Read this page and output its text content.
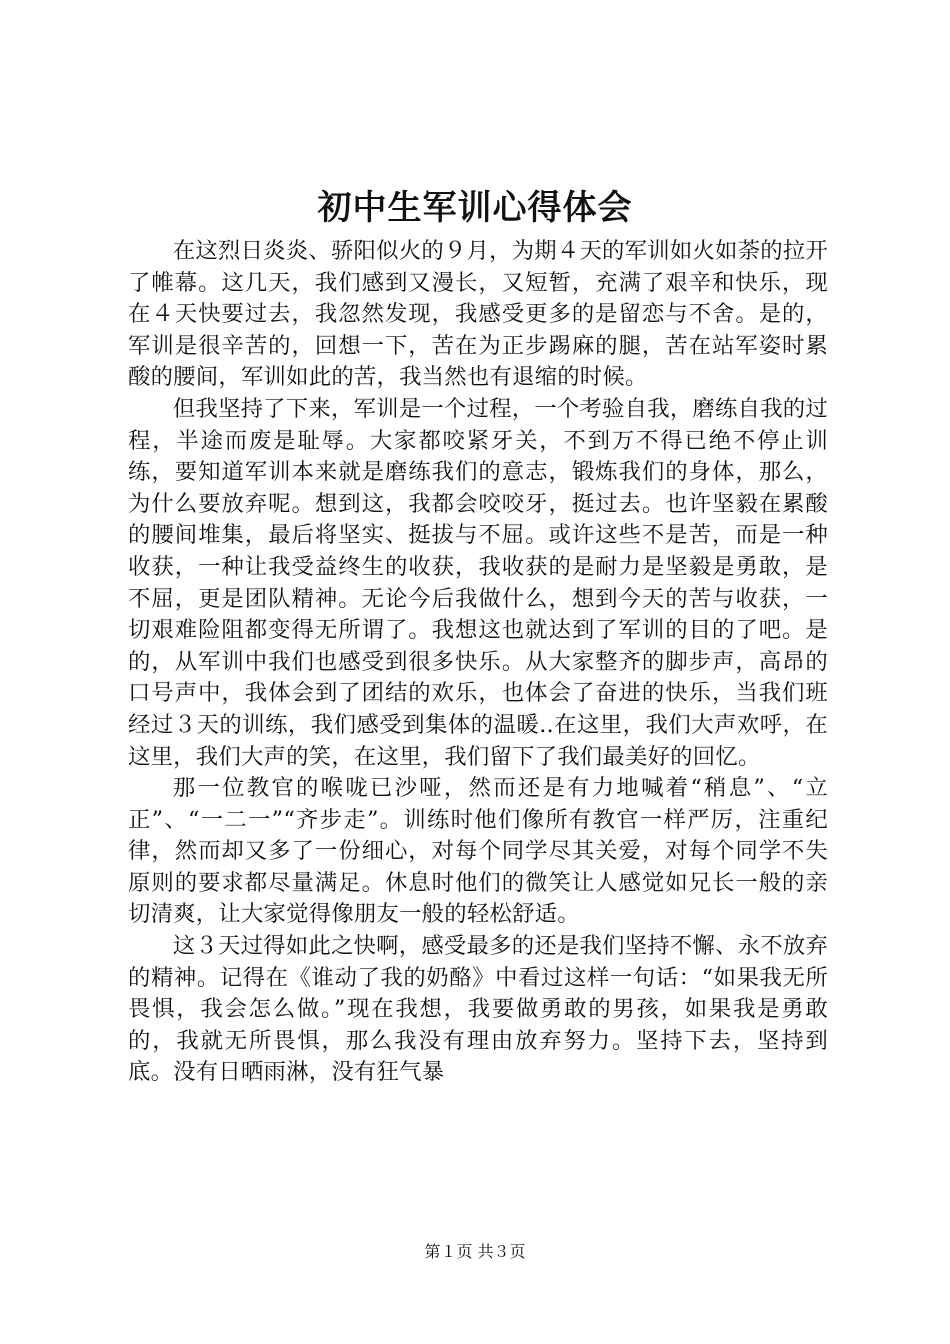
初中生军训心得体会

在这烈日炎炎、骄阳似火的９月，为期４天的军训如火如荼的拉开了帷幕。这几天，我们感到又漫长，又短暂，充满了艰辛和快乐，现在４天快要过去，我忽然发现，我感受更多的是留恋与不舍。是的，军训是很辛苦的，回想一下，苦在为正步踢麻的腿，苦在站军姿时累酸的腰间，军训如此的苦，我当然也有退缩的时候。

但我坚持了下来，军训是一个过程，一个考验自我，磨练自我的过程，半途而废是耻辱。大家都咬紧牙关，不到万不得已绝不停止训练，要知道军训本来就是磨练我们的意志，锻炼我们的身体，那么，为什么要放弃呢。想到这，我都会咬咬牙，挺过去。也许坚毅在累酸的腰间堆集，最后将坚实、挺拔与不屈。或许这些不是苦，而是一种收获，一种让我受益终生的收获，我收获的是耐力是坚毅是勇敢，是不屈，更是团队精神。无论今后我做什么，想到今天的苦与收获，一切艰难险阻都变得无所谓了。我想这也就达到了军训的目的了吧。是的，从军训中我们也感受到很多快乐。从大家整齐的脚步声，高昂的口号声中，我体会到了团结的欢乐，也体会了奋进的快乐，当我们班经过３天的训练，我们感受到集体的温暖..在这里，我们大声欢呼，在这里，我们大声的笑，在这里，我们留下了我们最美好的回忆。

那一位教官的喉咙已沙哑，然而还是有力地喊着“稍息”、“立正”、“一二一”“齐步走”。训练时他们像所有教官一样严厉，注重纪律，然而却又多了一份细心，对每个同学尽其关爱，对每个同学不失原则的要求都尽量满足。休息时他们的微笑让人感觉如兄长一般的亲切清爽，让大家觉得像朋友一般的轻松舒适。

这３天过得如此之快啊，感受最多的还是我们坚持不懈、永不放弃的精神。记得在《谁动了我的奶酪》中看过这样一句话：“如果我无所畏惧，我会怎么做。”现在我想，我要做勇敢的男孩，如果我是勇敢的，我就无所畏惧，那么我没有理由放弃努力。坚持下去，坚持到底。没有日晒雨淋，没有狂气暴

第１页 共３页
